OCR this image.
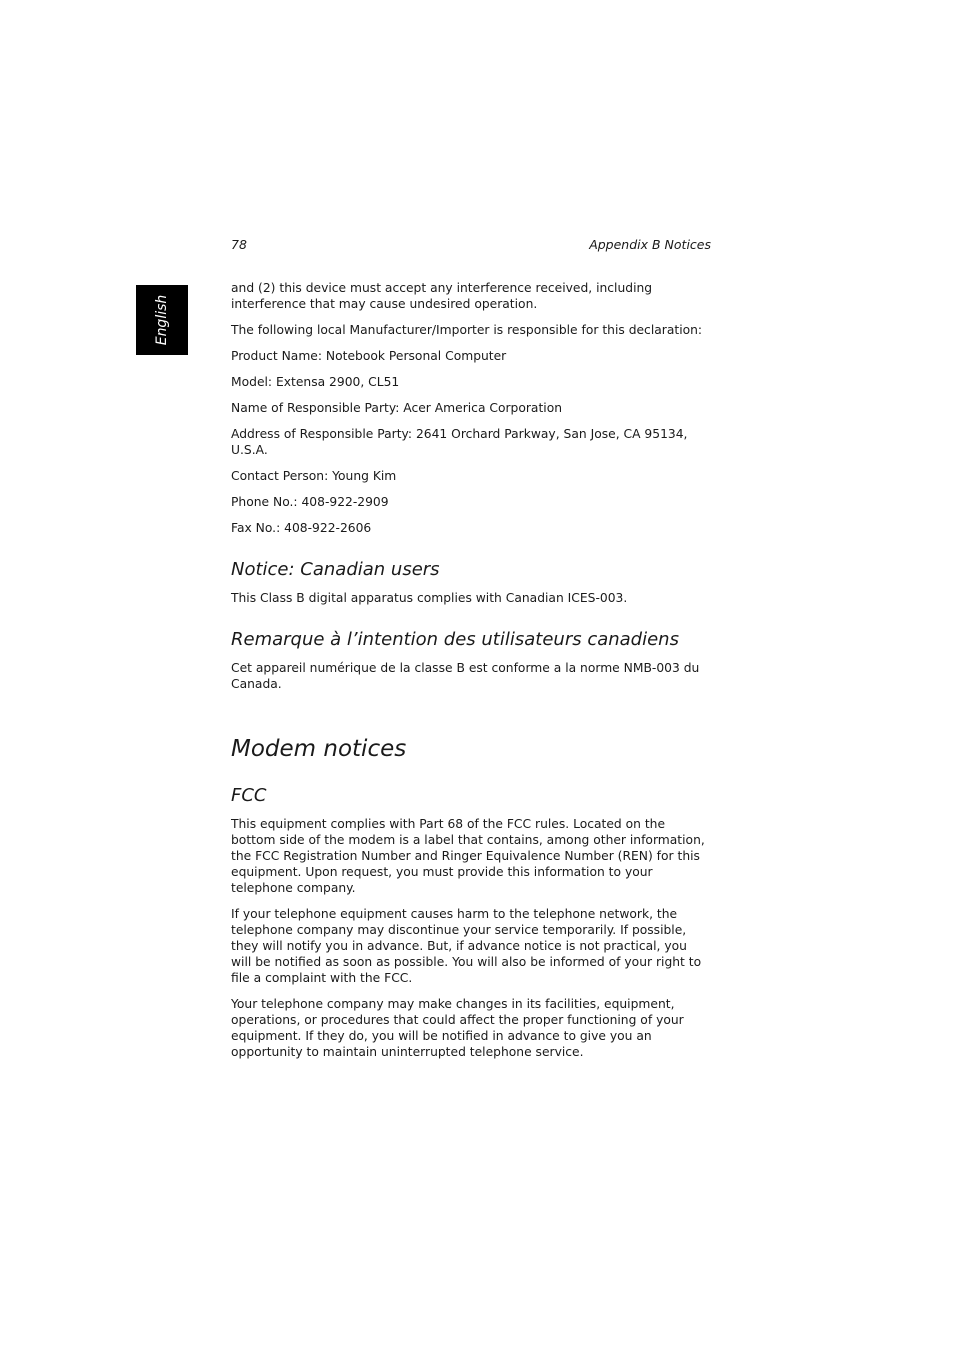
78	Appendix B Notices
English

and (2) this device must accept any interference received, including interference that may cause undesired operation.

The following local Manufacturer/Importer is responsible for this declaration:

Product Name: Notebook Personal Computer

Model: Extensa 2900, CL51

Name of Responsible Party: Acer America Corporation

Address of Responsible Party: 2641 Orchard Parkway, San Jose, CA 95134, U.S.A.

Contact Person: Young Kim

Phone No.: 408-922-2909

Fax No.: 408-922-2606

Notice: Canadian users

This Class B digital apparatus complies with Canadian ICES-003.

Remarque à l’intention des utilisateurs canadiens

Cet appareil numérique de la classe B est conforme a la norme NMB-003 du Canada.

Modem notices
FCC

This equipment complies with Part 68 of the FCC rules. Located on the bottom side of the modem is a label that contains, among other information, the FCC Registration Number and Ringer Equivalence Number (REN) for this equipment. Upon request, you must provide this information to your telephone company.

If your telephone equipment causes harm to the telephone network, the telephone company may discontinue your service temporarily. If possible, they will notify you in advance. But, if advance notice is not practical, you will be notified as soon as possible. You will also be informed of your right to file a complaint with the FCC.

Your telephone company may make changes in its facilities, equipment, operations, or procedures that could affect the proper functioning of your equipment. If they do, you will be notified in advance to give you an opportunity to maintain uninterrupted telephone service.
